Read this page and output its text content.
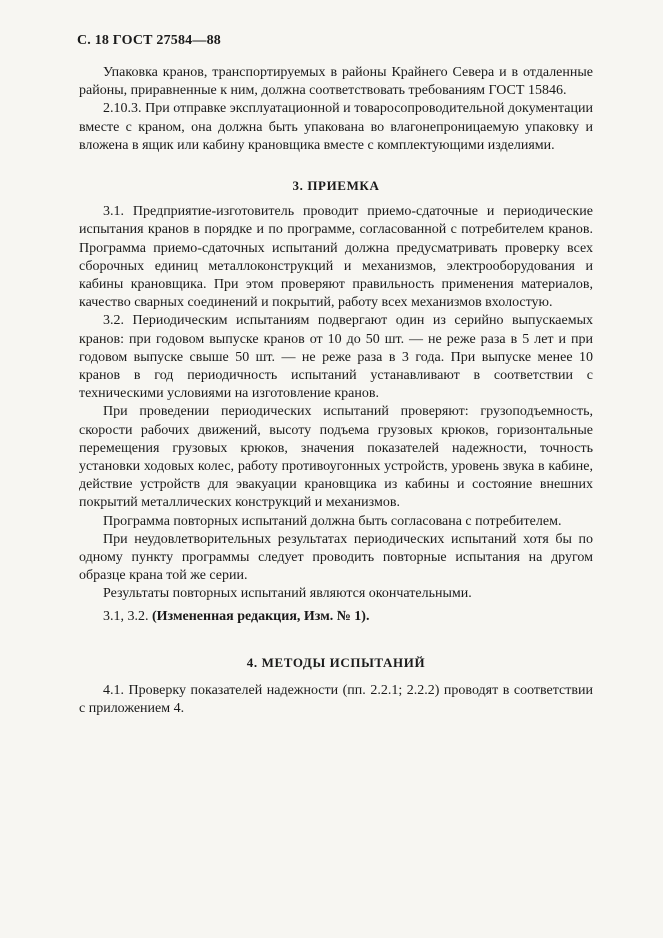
С. 18 ГОСТ 27584—88

Упаковка кранов, транспортируемых в районы Крайнего Севера и в отдаленные районы, приравненные к ним, должна соответствовать требованиям ГОСТ 15846.

2.10.3. При отправке эксплуатационной и товаросопроводительной документации вместе с краном, она должна быть упакована во влагонепроницаемую упаковку и вложена в ящик или кабину крановщика вместе с комплектующими изделиями.

3. ПРИЕМКА

3.1. Предприятие-изготовитель проводит приемо-сдаточные и периодические испытания кранов в порядке и по программе, согласованной с потребителем кранов. Программа приемо-сдаточных испытаний должна предусматривать проверку всех сборочных единиц металлоконструкций и механизмов, электрооборудования и кабины крановщика. При этом проверяют правильность применения материалов, качество сварных соединений и покрытий, работу всех механизмов вхолостую.

3.2. Периодическим испытаниям подвергают один из серийно выпускаемых кранов: при годовом выпуске кранов от 10 до 50 шт. — не реже раза в 5 лет и при годовом выпуске свыше 50 шт. — не реже раза в 3 года. При выпуске менее 10 кранов в год периодичность испытаний устанавливают в соответствии с техническими условиями на изготовление кранов.

При проведении периодических испытаний проверяют: грузоподъемность, скорости рабочих движений, высоту подъема грузовых крюков, горизонтальные перемещения грузовых крюков, значения показателей надежности, точность установки ходовых колес, работу противоугонных устройств, уровень звука в кабине, действие устройств для эвакуации крановщика из кабины и состояние внешних покрытий металлических конструкций и механизмов.

Программа повторных испытаний должна быть согласована с потребителем.

При неудовлетворительных результатах периодических испытаний хотя бы по одному пункту программы следует проводить повторные испытания на другом образце крана той же серии.

Результаты повторных испытаний являются окончательными.

3.1, 3.2. (Измененная редакция, Изм. № 1).

4. МЕТОДЫ ИСПЫТАНИЙ

4.1. Проверку показателей надежности (пп. 2.2.1; 2.2.2) проводят в соответствии с приложением 4.
